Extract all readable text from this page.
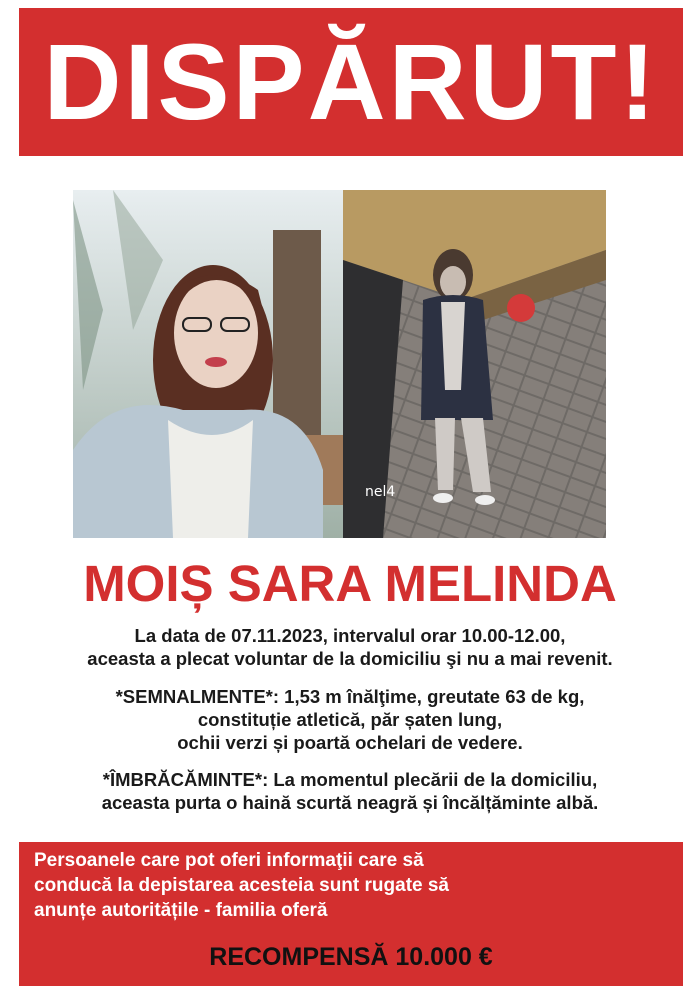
DISPĂRUT!
nel4
MOIȘ SARA MELINDA
La data de 07.11.2023, intervalul orar 10.00-12.00,
aceasta a plecat voluntar de la domiciliu şi nu a mai revenit.
*SEMNALMENTE*: 1,53 m înălţime, greutate 63 de kg,
constituție atletică, păr șaten lung,
ochii verzi și poartă ochelari de vedere.
*ÎMBRĂCĂMINTE*: La momentul plecării de la domiciliu,
aceasta purta o haină scurtă neagră și încălțăminte albă.
Persoanele care pot oferi informaţii care să
conducă la depistarea acesteia sunt rugate să
anunțe autoritățile - familia oferă
RECOMPENSĂ 10.000 €
